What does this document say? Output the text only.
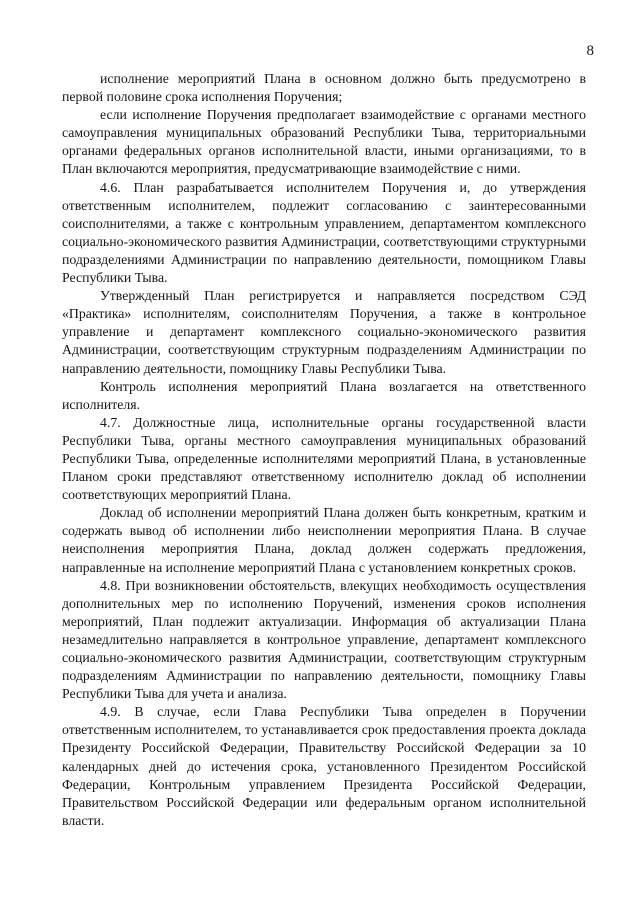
8

исполнение мероприятий Плана в основном должно быть предусмотрено в первой половине срока исполнения Поручения;

если исполнение Поручения предполагает взаимодействие с органами местного самоуправления муниципальных образований Республики Тыва, территориальными органами федеральных органов исполнительной власти, иными организациями, то в План включаются мероприятия, предусматривающие взаимодействие с ними.

4.6. План разрабатывается исполнителем Поручения и, до утверждения ответственным исполнителем, подлежит согласованию с заинтересованными соисполнителями, а также с контрольным управлением, департаментом комплексного социально-экономического развития Администрации, соответствующими структурными подразделениями Администрации по направлению деятельности, помощником Главы Республики Тыва.

Утвержденный План регистрируется и направляется посредством СЭД «Практика» исполнителям, соисполнителям Поручения, а также в контрольное управление и департамент комплексного социально-экономического развития Администрации, соответствующим структурным подразделениям Администрации по направлению деятельности, помощнику Главы Республики Тыва.

Контроль исполнения мероприятий Плана возлагается на ответственного исполнителя.

4.7. Должностные лица, исполнительные органы государственной власти Республики Тыва, органы местного самоуправления муниципальных образований Республики Тыва, определенные исполнителями мероприятий Плана, в установленные Планом сроки представляют ответственному исполнителю доклад об исполнении соответствующих мероприятий Плана.

Доклад об исполнении мероприятий Плана должен быть конкретным, кратким и содержать вывод об исполнении либо неисполнении мероприятия Плана. В случае неисполнения мероприятия Плана, доклад должен содержать предложения, направленные на исполнение мероприятий Плана с установлением конкретных сроков.

4.8. При возникновении обстоятельств, влекущих необходимость осуществления дополнительных мер по исполнению Поручений, изменения сроков исполнения мероприятий, План подлежит актуализации. Информация об актуализации Плана незамедлительно направляется в контрольное управление, департамент комплексного социально-экономического развития Администрации, соответствующим структурным подразделениям Администрации по направлению деятельности, помощнику Главы Республики Тыва для учета и анализа.

4.9. В случае, если Глава Республики Тыва определен в Поручении ответственным исполнителем, то устанавливается срок предоставления проекта доклада Президенту Российской Федерации, Правительству Российской Федерации за 10 календарных дней до истечения срока, установленного Президентом Российской Федерации, Контрольным управлением Президента Российской Федерации, Правительством Российской Федерации или федеральным органом исполнительной власти.
